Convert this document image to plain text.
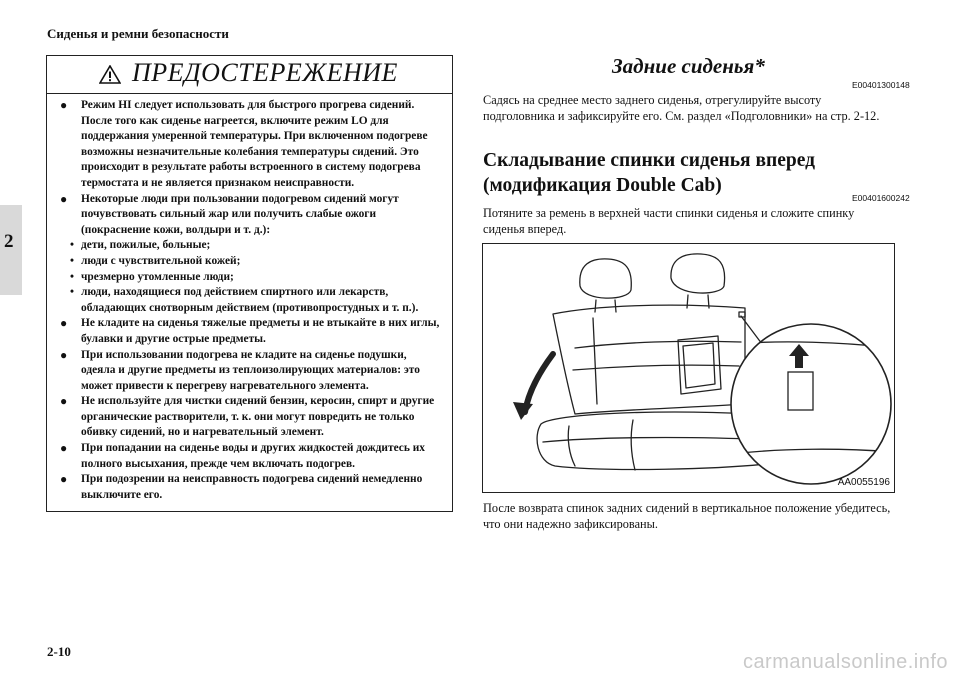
Сиденья и ремни безопасности
2
ПРЕДОСТЕРЕЖЕНИЕ
● Режим HI следует использовать для быстрого прогрева сидений. После того как сиденье нагреется, включите режим LO для поддержания умеренной температуры. При включенном подогреве возможны незначительные колебания температуры сидений. Это происходит в результате работы встроенного в систему подогрева термостата и не является признаком неисправности.
● Некоторые люди при пользовании подогревом сидений могут почувствовать сильный жар или получить слабые ожоги (покраснение кожи, волдыри и т. д.):
• дети, пожилые, больные;
• люди с чувствительной кожей;
• чрезмерно утомленные люди;
• люди, находящиеся под действием спиртного или лекарств, обладающих снотворным действием (противопростудных и т. п.).
● Не кладите на сиденья тяжелые предметы и не втыкайте в них иглы, булавки и другие острые предметы.
● При использовании подогрева не кладите на сиденье подушки, одеяла и другие предметы из теплоизолирующих материалов: это может привести к перегреву нагревательного элемента.
● Не используйте для чистки сидений бензин, керосин, спирт и другие органические растворители, т. к. они могут повредить не только обивку сидений, но и нагревательный элемент.
● При попадании на сиденье воды и других жидкостей дождитесь их полного высыхания, прежде чем включать подогрев.
● При подозрении на неисправность подогрева сидений немедленно выключите его.
Задние сиденья*
E00401300148
Садясь на среднее место заднего сиденья, отрегулируйте высоту подголовника и зафиксируйте его. См. раздел «Подголовники» на стр. 2-12.
Складывание спинки сиденья вперед
(модификация Double Cab)
E00401600242
Потяните за ремень в верхней части спинки сиденья и сложите спинку сиденья вперед.
AA0055196
После возврата спинок задних сидений в вертикальное положение убедитесь, что они надежно зафиксированы.
2-10	carmanualsonline.info
